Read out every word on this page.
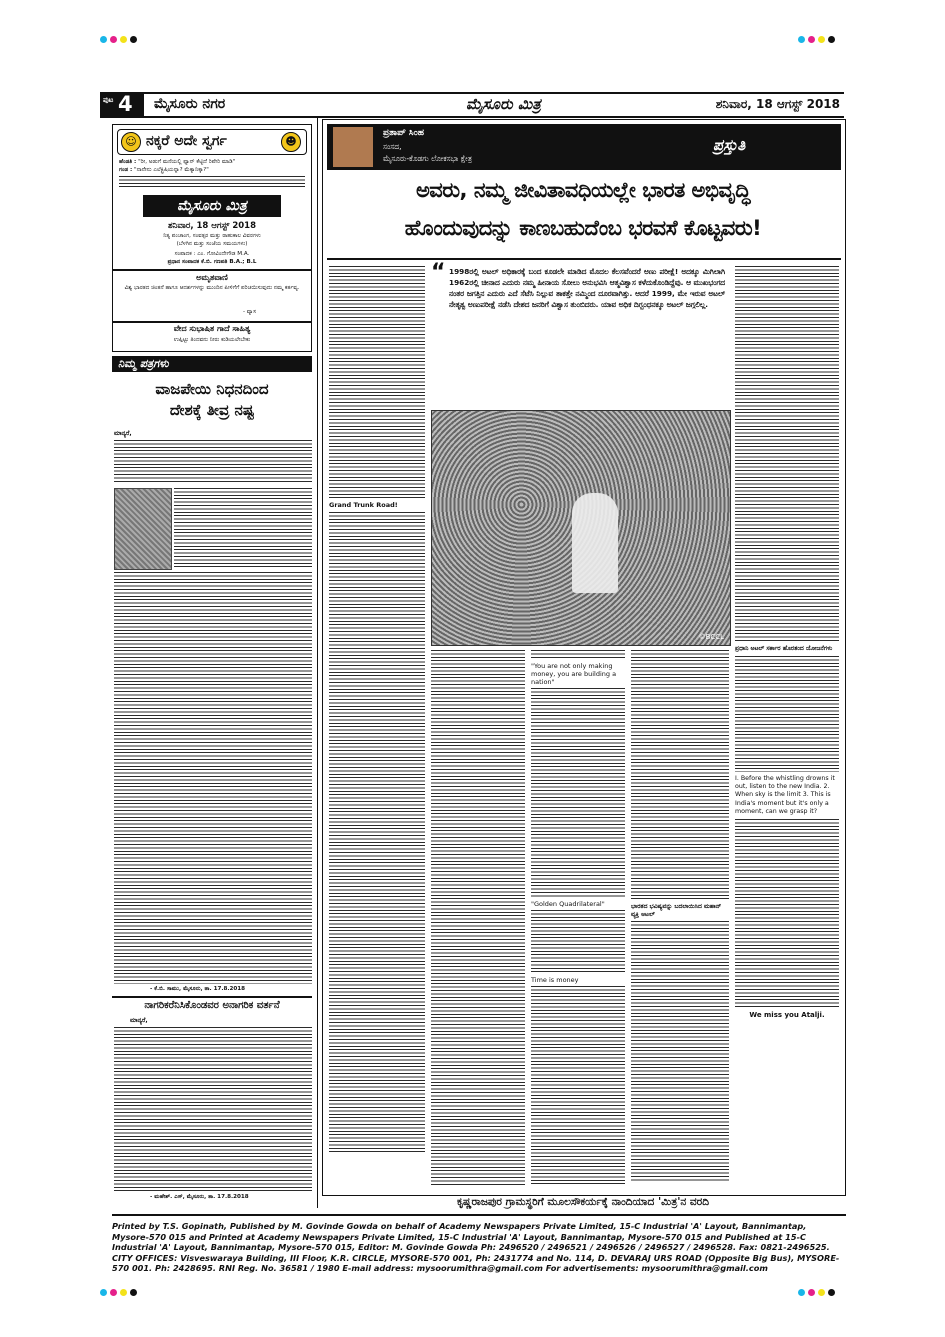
ಪುಟ 4 ಮೈಸೂರು ನಗರ	ಮೈಸೂರು ಮಿತ್ರ	ಶನಿವಾರ, 18 ಆಗಸ್ಟ್ 2018
☺ ನಕ್ಕರೆ ಅದೇ ಸ್ವರ್ಗ	☻
ಹೆಂಡತಿ : "ರೀ, ಅಡುಗೆ ಮನೆಯಲ್ಲಿ ಫ್ಯಾನ್ ಕೆಟ್ಟಿದೆ ರಿಪೇರಿ ಮಾಡಿ"
ಗಂಡ : "ನಾನೇನು ಎಲೆಕ್ಟ್ರಿಷಿಯನ್ನಾ? ಮೆಕ್ಯಾನಿಕ್ಕಾ?"
ಮೈಸೂರು ಮಿತ್ರ
ಶನಿವಾರ, 18 ಆಗಸ್ಟ್ 2018
ನಿತ್ಯ ಪಂಚಾಂಗ, ಸಂವತ್ಸರ ಮತ್ತು ರಾಹುಕಾಲ ವಿವರಗಳು
(ಬೆಳಗಿನ ಮತ್ತು ಸಂಜೆಯ ಸಮಯಗಳು)
ಸಂಪಾದಕ : ಎಂ. ಗೋವಿಂದೇಗೌಡ M.A.
ಪ್ರಧಾನ ಸಂಪಾದಕ ಕೆ.ಬಿ. ಗಣಪತಿ B.A.; B.L
ಅಮೃತವಾಣಿ
ವಿಶ್ವ ಭಾರತದ ಚಿಂತನೆ ಹಾಗೂ ಆದರ್ಶಗಳನ್ನು ಮುಂದಿನ ಪೀಳಿಗೆಗೆ ಪರಿಚಯಿಸುವುದು ನಮ್ಮ ಕರ್ತವ್ಯ.
- ವ್ಯಾಸ
ವೇದ ಸುಭಾಷಿತ ಗಾದೆ ಸಾಹಿತ್ಯ
ಉಪ್ಪಿಟ್ಟು ತಿಂದವನು ನೀರು ಕುಡಿಯಲೇಬೇಕು
ನಿಮ್ಮ ಪತ್ರಗಳು
ವಾಜಪೇಯಿ ನಿಧನದಿಂದ
ದೇಶಕ್ಕೆ ತೀವ್ರ ನಷ್ಟ
ಮಾನ್ಯರೆ,
- ಕೆ.ಬಿ. ಸಾಮು, ಮೈಸೂರು, ತಾ. 17.8.2018
ನಾಗರಿಕರೆನಿಸಿಕೊಂಡವರ ಅನಾಗರಿಕ ವರ್ತನೆ
ಮಾನ್ಯರೆ,
- ಮಹೇಶ್. ಎಸ್, ಮೈಸೂರು, ತಾ. 17.8.2018
ಪ್ರತಾಪ್ ಸಿಂಹ
ಸಂಸದ,
ಮೈಸೂರು-ಕೊಡಗು ಲೋಕಸಭಾ ಕ್ಷೇತ್ರ
ಪ್ರಸ್ತುತಿ
ಅವರು, ನಮ್ಮ ಜೀವಿತಾವಧಿಯಲ್ಲೇ ಭಾರತ ಅಭಿವೃದ್ಧಿ
ಹೊಂದುವುದನ್ನು ಕಾಣಬಹುದೆಂಬ ಭರವಸೆ ಕೊಟ್ಟವರು!
Grand Trunk Road!
“ 1998ರಲ್ಲಿ ಅಟಲ್ ಅಧಿಕಾರಕ್ಕೆ ಬಂದ ಕೂಡಲೇ ಮಾಡಿದ ಮೊದಲ ಕೆಲಸವೆಂದರೆ ಅಣು ಪರೀಕ್ಷೆ! ಅದಕ್ಕೂ ಮಿಗಿಲಾಗಿ 1962ರಲ್ಲಿ ಚೀನಾದ ಎದುರು ನಮ್ಮ ಹೀನಾಯ ಸೋಲು ಅನುಭವಿಸಿ ಆತ್ಮವಿಶ್ವಾಸ ಕಳೆದುಕೊಂಡಿದ್ದೆವು. ಆ ಮುಖಭಂಗದ ನಂತರ ಜಗತ್ತಿನ ಎದುರು ಎದೆ ಸೆಟೆಸಿ ನಿಲ್ಲುವ ತಾಕತ್ತೇ ನಮ್ಮಿಂದ ದೂರವಾಗಿತ್ತು. ಆದರೆ 1999, ಮೇ ಇರುವ ಅಟಲ್ ನೇತೃತ್ವ ಅಣುಪರೀಕ್ಷೆ ನಡೆಸಿ ದೇಶದ ಜನರಿಗೆ ವಿಶ್ವಾಸ ತುಂಬಿದರು. ಯಾವ ಅಧಿಕ ದಿಗ್ಬಂಧನಕ್ಕೂ ಅಟಲ್ ಜಗ್ಗಲಿಲ್ಲ.
ಪ್ರಧಾನಿ ಅಟಲ್ ಸರ್ಕಾರ ಹೊರತಂದ ಯೋಜನೆಗಳು
I. Before the whistling drowns it out, listen to the new India. 2. When sky is the limit 3. This is India's moment but it's only a moment, can we grasp it?
We miss you Atalji.
©BCCL
"You are not only making money, you are building a nation"
"Golden Quadrilateral"
Time is money
ಭಾರತದ ಭವಿಷ್ಯವನ್ನು ಬದಲಾಯಿಸಿದ ಮಹಾನ್ ವ್ಯಕ್ತಿ ಅಟಲ್
ಕೃಷ್ಣರಾಜಪುರ ಗ್ರಾಮಸ್ಥರಿಗೆ ಮೂಲಸೌಕರ್ಯಕ್ಕೆ ನಾಂದಿಯಾದ 'ಮಿತ್ರ'ನ ವರದಿ
Printed by T.S. Gopinath, Published by M. Govinde Gowda on behalf of Academy Newspapers Private Limited, 15-C Industrial 'A' Layout, Bannimantap, Mysore-570 015 and Printed at Academy Newspapers Private Limited, 15-C Industrial 'A' Layout, Bannimantap, Mysore-570 015 and Published at 15-C Industrial 'A' Layout, Bannimantap, Mysore-570 015, Editor: M. Govinde Gowda Ph: 2496520 / 2496521 / 2496526 / 2496527 / 2496528. Fax: 0821-2496525. CITY OFFICES: Visveswaraya Building, III Floor, K.R. CIRCLE, MYSORE-570 001, Ph: 2431774 and No. 114, D. DEVARAJ URS ROAD (Opposite Big Bus), MYSORE-570 001. Ph: 2428695. RNI Reg. No. 36581 / 1980 E-mail address: mysoorumithra@gmail.com For advertisements: mysoorumithra@gmail.com
